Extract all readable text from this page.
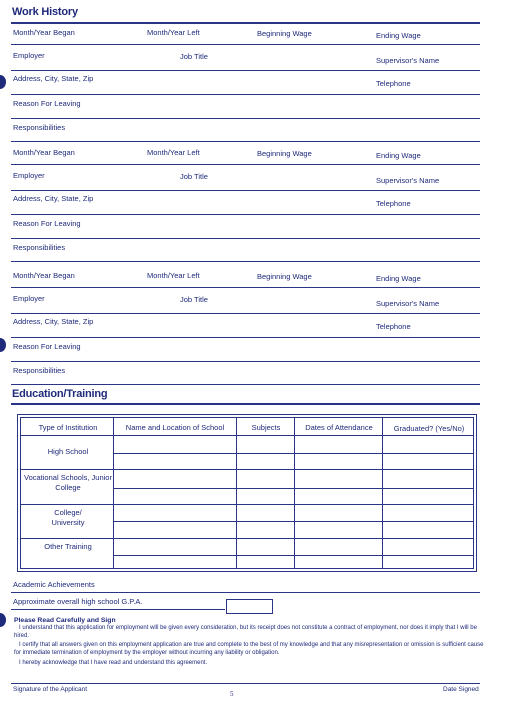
Work History
Month/Year Began	Month/Year Left	Beginning Wage	Ending Wage
Employer	Job Title	Supervisor's Name
Address, City, State, Zip
Telephone
Reason For Leaving
Responsibilities
Month/Year Began	Month/Year Left	Beginning Wage	Ending Wage
Employer	Job Title	Supervisor's Name
Address, City, State, Zip
Telephone
Reason For Leaving
Responsibilities
Month/Year Began	Month/Year Left	Beginning Wage	Ending Wage
Employer	Job Title	Supervisor's Name
Address, City, State, Zip
Telephone
Reason For Leaving
Responsibilities
Education/Training
Type of Institution	Name and Location of School	Subjects	Dates of Attendance	Graduated? (Yes/No)
High School
Vocational Schools, Junior College
College/ University
Other Training
Academic Achievements
Approximate overall high school G.P.A.
Please Read Carefully and Sign
I understand that this application for employment will be given every consideration, but its receipt does not constitute a contract of employment, nor does it imply that I will be hired.
I certify that all answers given on this employment application are true and complete to the best of my knowledge and that any misrepresentation or omission is sufficient cause for immediate termination of employment by the employer without incurring any liability or obligation.
I hereby acknowledge that I have read and understand this agreement.
Signature of the Applicant
5
Date Signed
